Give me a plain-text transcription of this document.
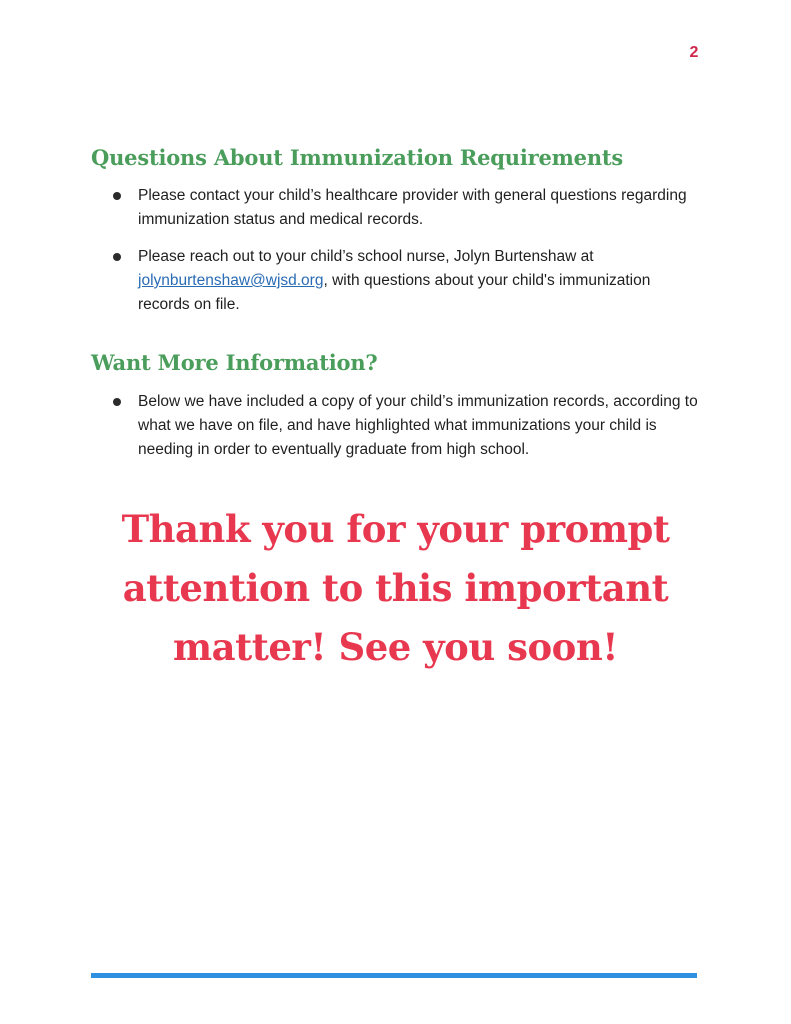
2
Questions About Immunization Requirements
Please contact your child’s healthcare provider with general questions regarding immunization status and medical records.
Please reach out to your child’s school nurse, Jolyn Burtenshaw at jolynburtenshaw@wjsd.org, with questions about your child's immunization records on file.
Want More Information?
Below we have included a copy of your child’s immunization records, according to what we have on file, and have highlighted what immunizations your child is needing in order to eventually graduate from high school.

Thank you for your prompt
attention to this important
matter! See you soon!
